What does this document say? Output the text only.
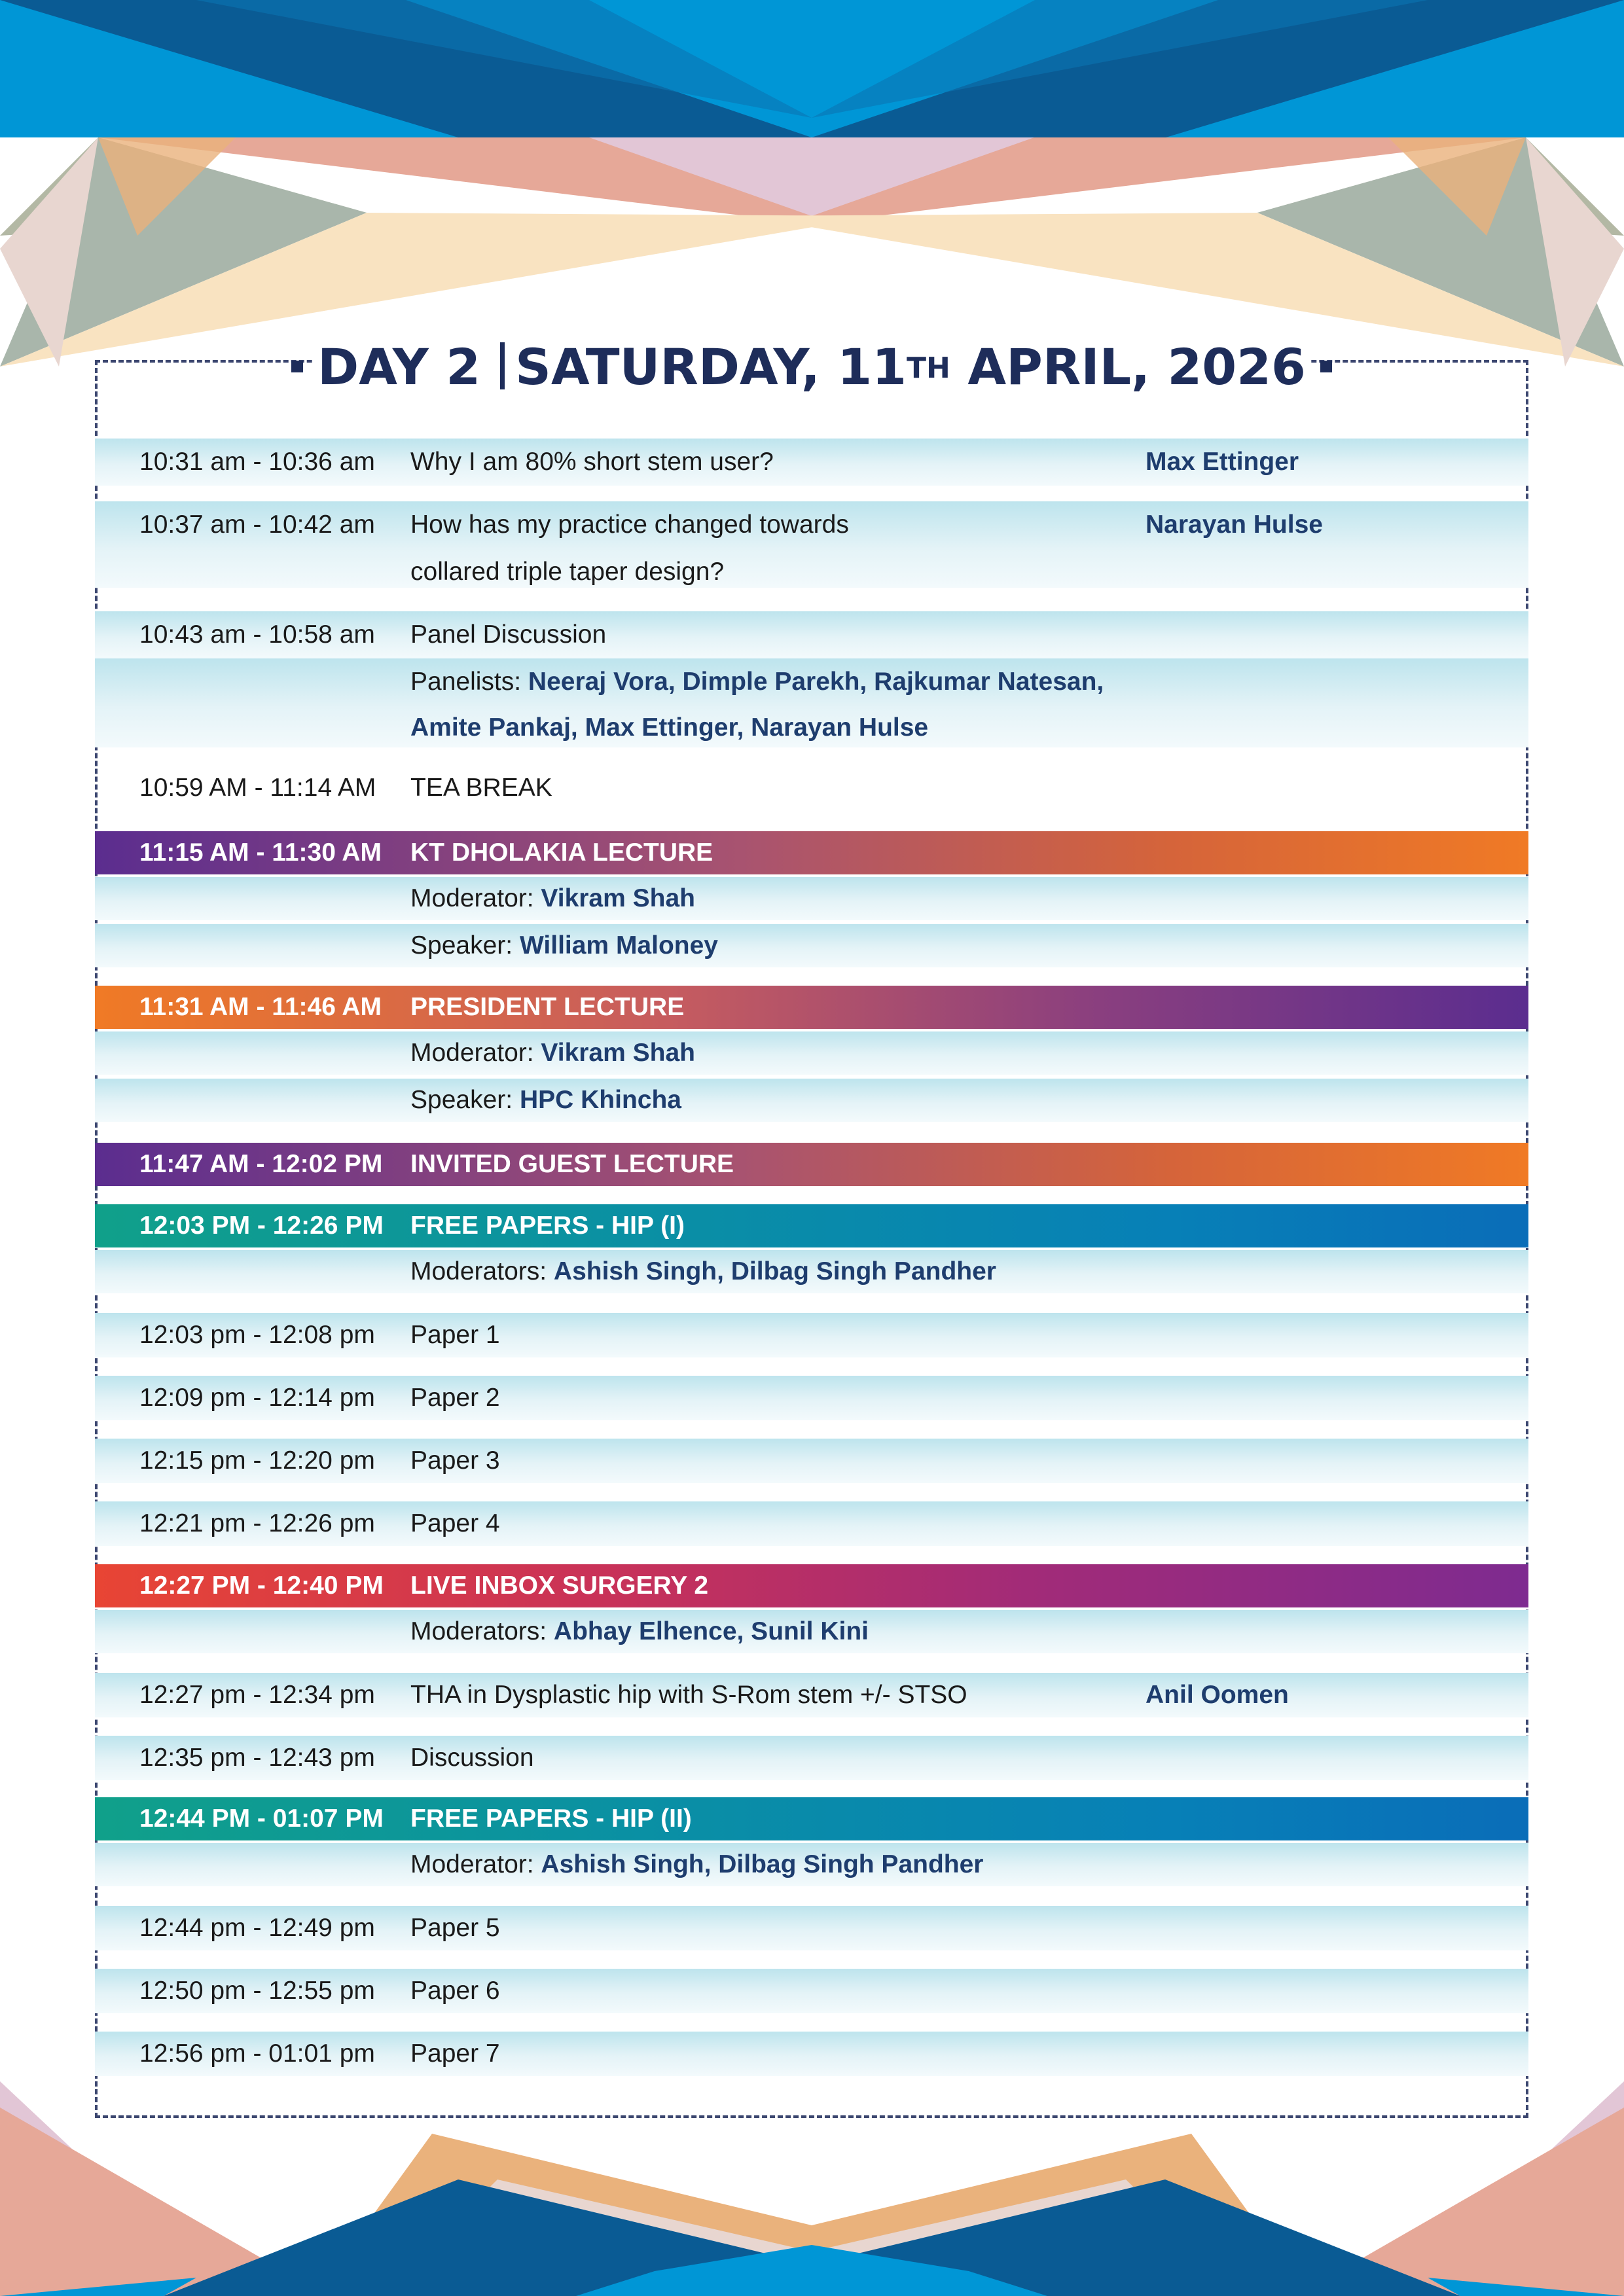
DAY 2 SATURDAY, 11TH APRIL, 2026
10:31 am - 10:36 am Why I am 80% short stem user?	Max Ettinger
10:37 am - 10:42 am How has my practice changed towards	Narayan Hulse
collared triple taper design?
10:43 am - 10:58 am Panel Discussion
Panelists: Neeraj Vora, Dimple Parekh, Rajkumar Natesan,
Amite Pankaj, Max Ettinger, Narayan Hulse
10:59 AM - 11:14 AM TEA BREAK
11:15 AM - 11:30 AM KT DHOLAKIA LECTURE
Moderator: Vikram Shah
Speaker: William Maloney
11:31 AM - 11:46 AM PRESIDENT LECTURE
Moderator: Vikram Shah
Speaker: HPC Khincha
11:47 AM - 12:02 PM INVITED GUEST LECTURE
12:03 PM - 12:26 PM FREE PAPERS - HIP (I)
Moderators: Ashish Singh, Dilbag Singh Pandher
12:03 pm - 12:08 pm Paper 1
12:09 pm - 12:14 pm Paper 2
12:15 pm - 12:20 pm Paper 3
12:21 pm - 12:26 pm Paper 4
12:27 PM - 12:40 PM LIVE INBOX SURGERY 2
Moderators: Abhay Elhence, Sunil Kini
12:27 pm - 12:34 pm THA in Dysplastic hip with S-Rom stem +/- STSO	Anil Oomen
12:35 pm - 12:43 pm Discussion
12:44 PM - 01:07 PM FREE PAPERS - HIP (II)
Moderator: Ashish Singh, Dilbag Singh Pandher
12:44 pm - 12:49 pm Paper 5
12:50 pm - 12:55 pm Paper 6
12:56 pm - 01:01 pm Paper 7
